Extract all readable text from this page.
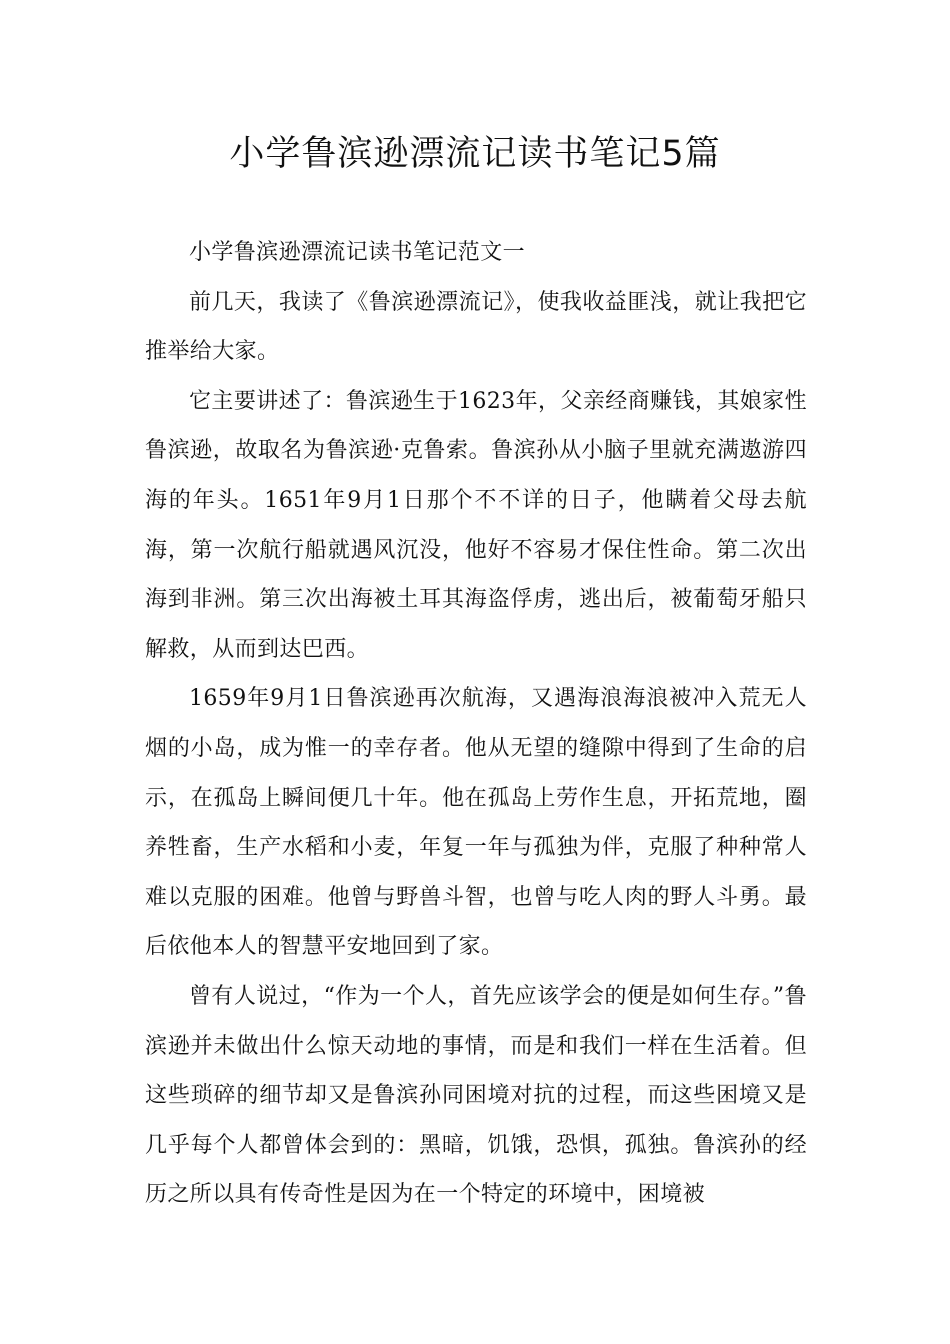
小学鲁滨逊漂流记读书笔记5篇

小学鲁滨逊漂流记读书笔记范文一

前几天，我读了《鲁滨逊漂流记》，使我收益匪浅，就让我把它推举给大家。

它主要讲述了：鲁滨逊生于1623年，父亲经商赚钱，其娘家性鲁滨逊，故取名为鲁滨逊·克鲁索。鲁滨孙从小脑子里就充满遨游四海的年头。1651年9月1日那个不不详的日子，他瞒着父母去航海，第一次航行船就遇风沉没，他好不容易才保住性命。第二次出海到非洲。第三次出海被土耳其海盗俘虏，逃出后，被葡萄牙船只解救，从而到达巴西。

1659年9月1日鲁滨逊再次航海，又遇海浪海浪被冲入荒无人烟的小岛，成为惟一的幸存者。他从无望的缝隙中得到了生命的启示，在孤岛上瞬间便几十年。他在孤岛上劳作生息，开拓荒地，圈养牲畜，生产水稻和小麦，年复一年与孤独为伴，克服了种种常人难以克服的困难。他曾与野兽斗智，也曾与吃人肉的野人斗勇。最后依他本人的智慧平安地回到了家。

曾有人说过，“作为一个人，首先应该学会的便是如何生存。”鲁滨逊并未做出什么惊天动地的事情，而是和我们一样在生活着。但这些琐碎的细节却又是鲁滨孙同困境对抗的过程，而这些困境又是几乎每个人都曾体会到的：黑暗，饥饿，恐惧，孤独。鲁滨孙的经历之所以具有传奇性是因为在一个特定的环境中，困境被
